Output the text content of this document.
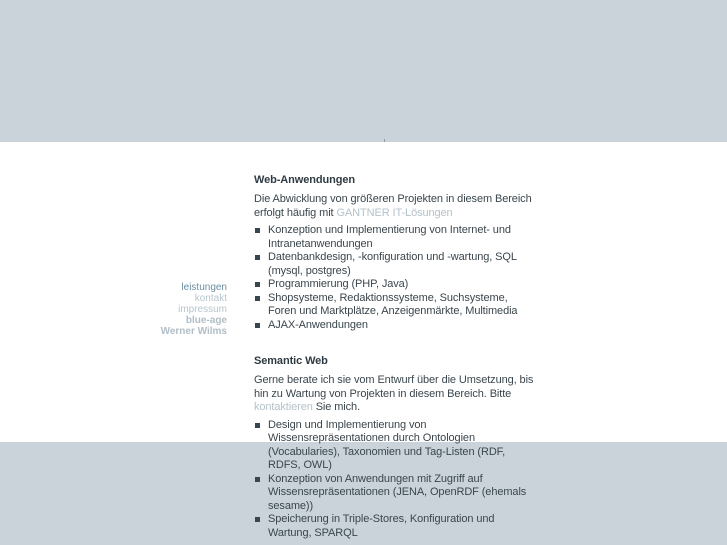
leistungen
kontakt
impressum
blue-age
Werner Wilms
Web-Anwendungen

Die Abwicklung von größeren Projekten in diesem Bereich erfolgt häufig mit GANTNER IT-Lösungen

Konzeption und Implementierung von Internet- und Intranetanwendungen
Datenbankdesign, -konfiguration und -wartung, SQL (mysql, postgres)
Programmierung (PHP, Java)
Shopsysteme, Redaktionssysteme, Suchsysteme, Foren und Marktplätze, Anzeigenmärkte, Multimedia
AJAX-Anwendungen
Semantic Web

Gerne berate ich sie vom Entwurf über die Umsetzung, bis hin zu Wartung von Projekten in diesem Bereich. Bitte kontaktieren Sie mich.

Design und Implementierung von Wissensrepräsentationen durch Ontologien (Vocabularies), Taxonomien und Tag-Listen (RDF, RDFS, OWL)
Konzeption von Anwendungen mit Zugriff auf Wissensrepräsentationen (JENA, OpenRDF (ehemals sesame))
Speicherung in Triple-Stores, Konfiguration und Wartung, SPARQL
